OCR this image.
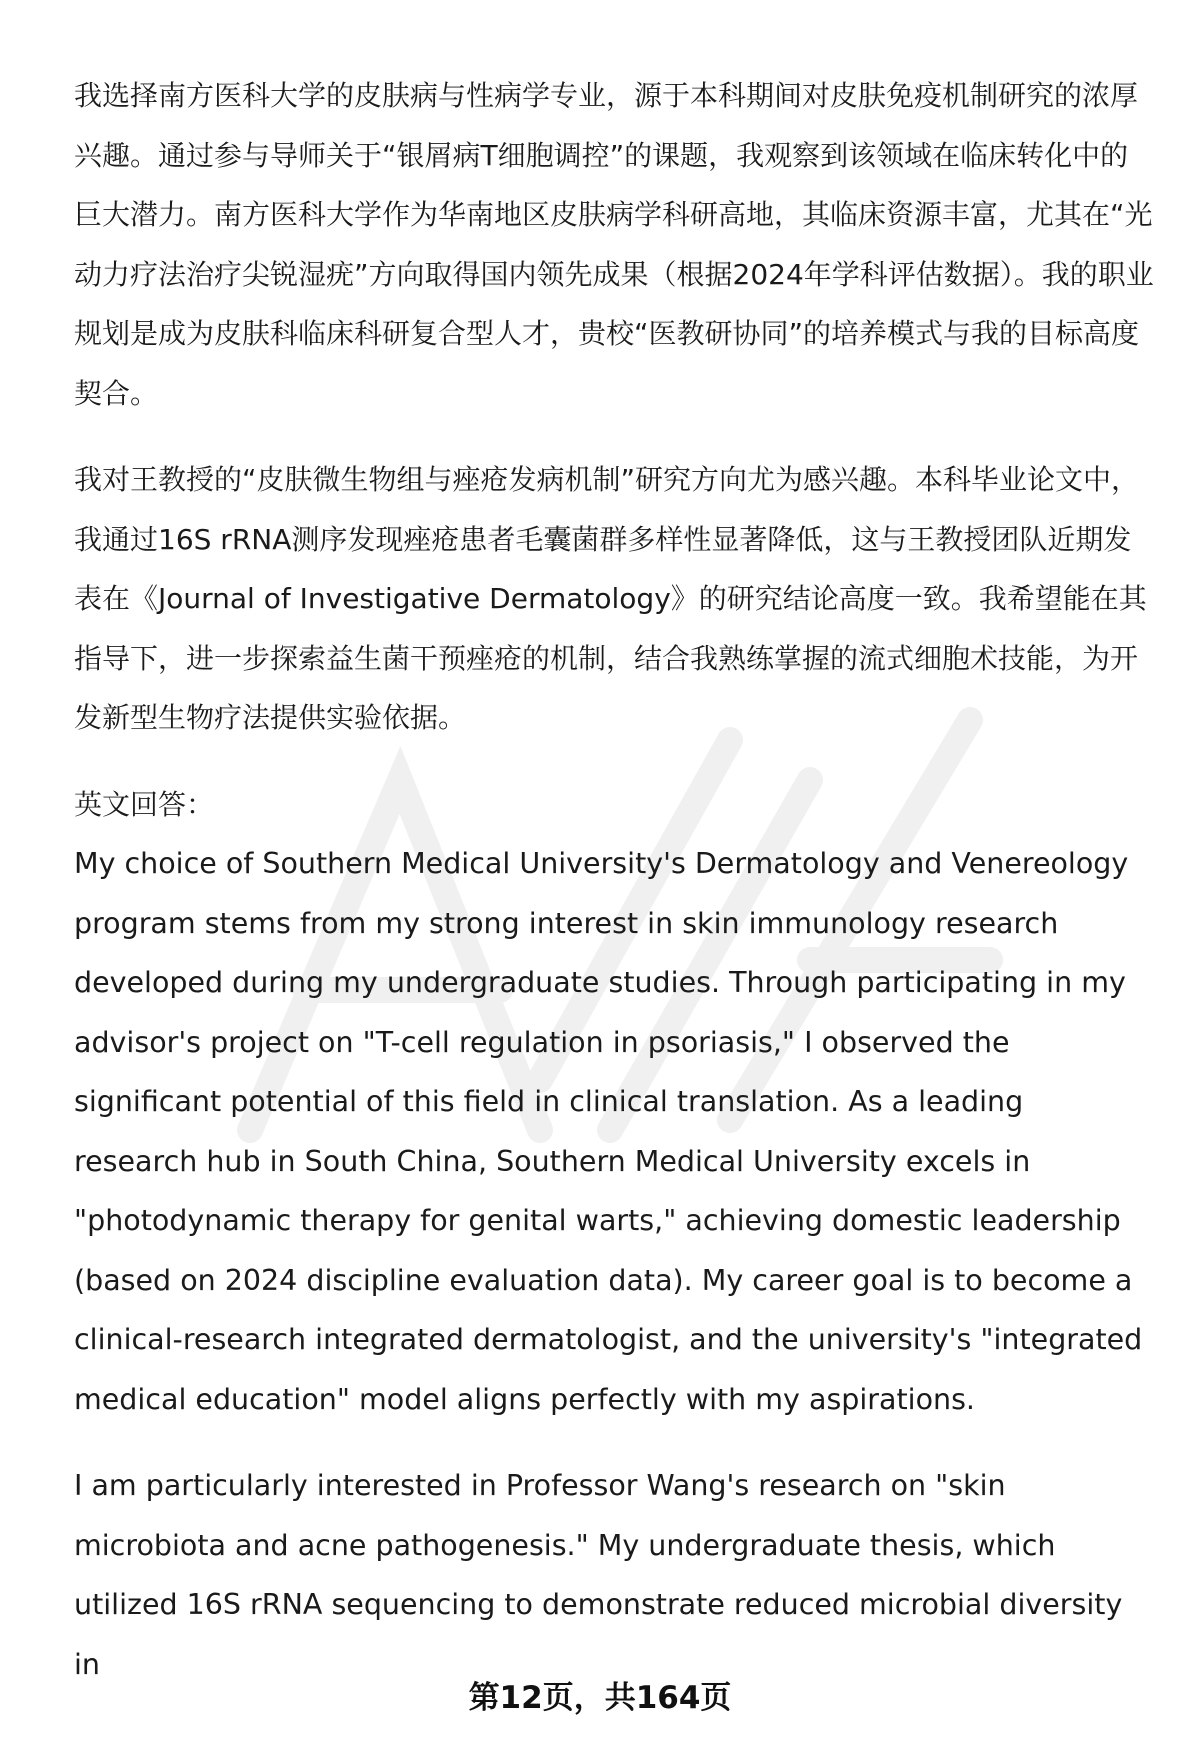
我选择南方医科大学的皮肤病与性病学专业，源于本科期间对皮肤免疫机制研究的浓厚兴趣。通过参与导师关于“银屑病T细胞调控”的课题，我观察到该领域在临床转化中的巨大潜力。南方医科大学作为华南地区皮肤病学科研高地，其临床资源丰富，尤其在“光动力疗法治疗尖锐湿疣”方向取得国内领先成果（根据2024年学科评估数据）。我的职业规划是成为皮肤科临床科研复合型人才，贵校“医教研协同”的培养模式与我的目标高度契合。

我对王教授的“皮肤微生物组与痤疮发病机制”研究方向尤为感兴趣。本科毕业论文中，我通过16S rRNA测序发现痤疮患者毛囊菌群多样性显著降低，这与王教授团队近期发表在《Journal of Investigative Dermatology》的研究结论高度一致。我希望能在其指导下，进一步探索益生菌干预痤疮的机制，结合我熟练掌握的流式细胞术技能，为开发新型生物疗法提供实验依据。

英文回答：

My choice of Southern Medical University's Dermatology and Venereology program stems from my strong interest in skin immunology research developed during my undergraduate studies. Through participating in my advisor's project on "T-cell regulation in psoriasis," I observed the significant potential of this field in clinical translation. As a leading research hub in South China, Southern Medical University excels in "photodynamic therapy for genital warts," achieving domestic leadership (based on 2024 discipline evaluation data). My career goal is to become a clinical-research integrated dermatologist, and the university's "integrated medical education" model aligns perfectly with my aspirations.

I am particularly interested in Professor Wang's research on "skin microbiota and acne pathogenesis." My undergraduate thesis, which utilized 16S rRNA sequencing to demonstrate reduced microbial diversity in

第12页，共164页
